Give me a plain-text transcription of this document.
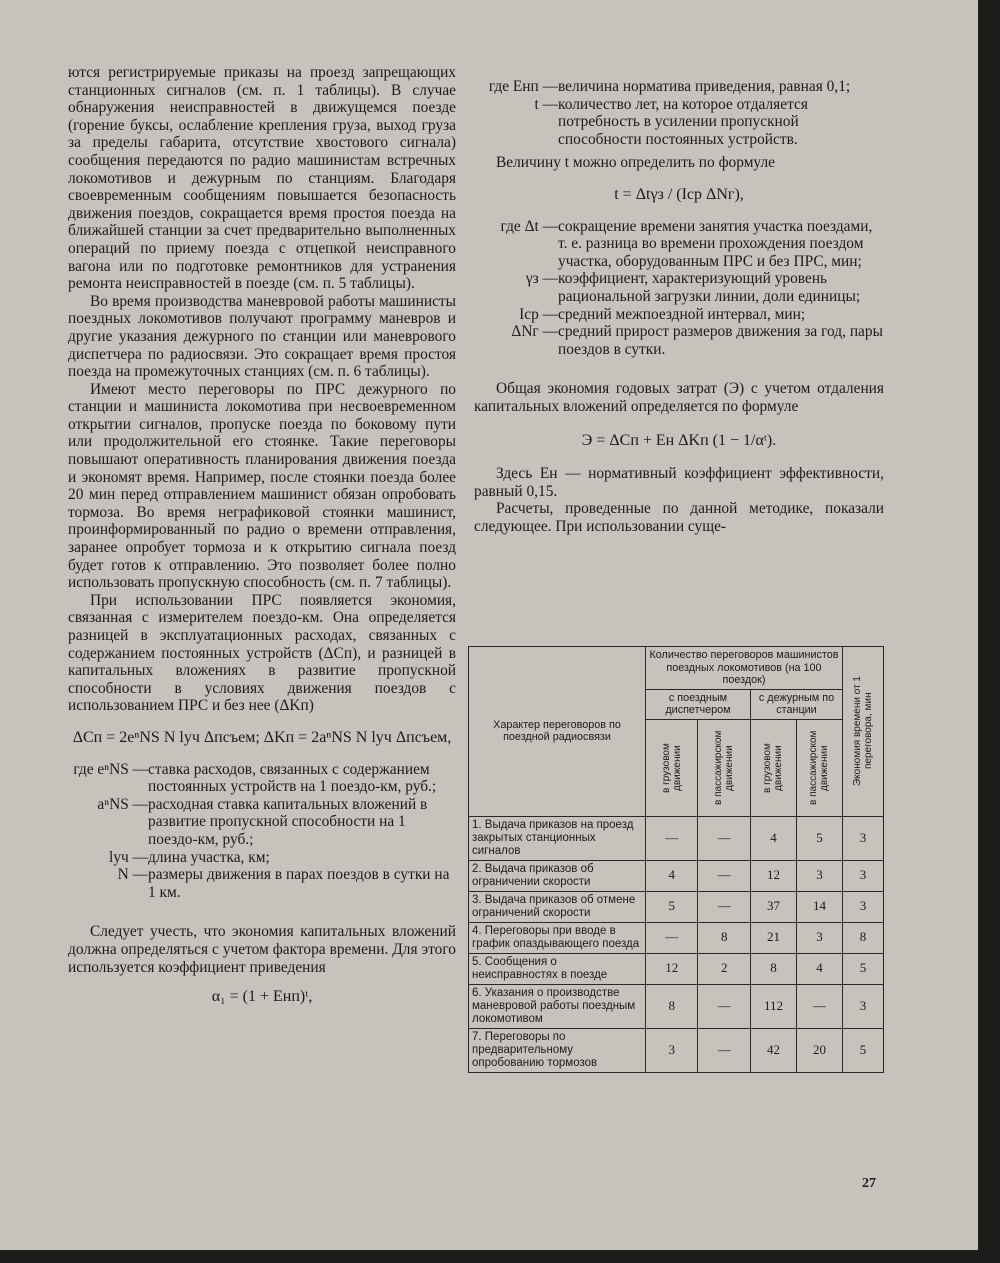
ются регистрируемые приказы на проезд запрещающих станционных сигналов (см. п. 1 таблицы). В случае обнаружения неисправностей в движущемся поезде (горение буксы, ослабление крепления груза, выход груза за пределы габарита, отсутствие хвостового сигнала) сообщения передаются по радио машинистам встречных локомотивов и дежурным по станциям. Благодаря своевременным сообщениям повышается безопасность движения поездов, сокращается время простоя поезда на ближайшей станции за счет предварительно выполненных операций по приему поезда с отцепкой неисправного вагона или по подготовке ремонтников для устранения ремонта неисправностей в поезде (см. п. 5 таблицы).

Во время производства маневровой работы машинисты поездных локомотивов получают программу маневров и другие указания дежурного по станции или маневрового диспетчера по радиосвязи. Это сокращает время простоя поезда на промежуточных станциях (см. п. 6 таблицы).

Имеют место переговоры по ПРС дежурного по станции и машиниста локомотива при несвоевременном открытии сигналов, пропуске поезда по боковому пути или продолжительной его стоянке. Такие переговоры повышают оперативность планирования движения поезда и экономят время. Например, после стоянки поезда более 20 мин перед отправлением машинист обязан опробовать тормоза. Во время неграфиковой стоянки машинист, проинформированный по радио о времени отправления, заранее опробует тормоза и к открытию сигнала поезд будет готов к отправлению. Это позволяет более полно использовать пропускную способность (см. п. 7 таблицы).

При использовании ПРС появляется экономия, связанная с измерителем поездо-км. Она определяется разницей в эксплуатационных расходах, связанных с содержанием постоянных устройств (ΔCп), и разницей в капитальных вложениях в развитие пропускной способности в условиях движения поездов с использованием ПРС и без нее (ΔKп)

ΔCп = 2eⁿNS N lуч Δпсъем; ΔKп = 2aⁿNS N lуч Δпсъем,
где eⁿNS — ставка расходов, связанных с содержанием постоянных устройств на 1 поездо-км, руб.;
aⁿNS — расходная ставка капитальных вложений в развитие пропускной способности на 1 поездо-км, руб.;
lуч — длина участка, км;
N — размеры движения в парах поездов в сутки на 1 км.

Следует учесть, что экономия капитальных вложений должна определяться с учетом фактора времени. Для этого используется коэффициент приведения

α₁ = (1 + Eнп)ᵗ,
где Eнп — величина норматива приведения, равная 0,1;
t — количество лет, на которое отдаляется потребность в усилении пропускной способности постоянных устройств.

Величину t можно определить по формуле

t = Δtγз / (Iср ΔNг),
где Δt — сокращение времени занятия участка поездами, т. е. разница во времени прохождения поездом участка, оборудованным ПРС и без ПРС, мин;
γз — коэффициент, характеризующий уровень рациональной загрузки линии, доли единицы;
Iср — средний межпоездной интервал, мин;
ΔNг — средний прирост размеров движения за год, пары поездов в сутки.

Общая экономия годовых затрат (Э) с учетом отдаления капитальных вложений определяется по формуле

Э = ΔCп + Eн ΔKп (1 − 1/αᵗ).

Здесь Eн — нормативный коэффициент эффективности, равный 0,15.

Расчеты, проведенные по данной методике, показали следующее. При использовании суще-

Характер переговоров по поездной радиосвязи	Количество переговоров машинистов поездных локомотивов (на 100 поездок)				Экономия времени от 1 переговора, мин

	с поездным диспетчером		с дежурным по станции		

	в грузовом движении	в пассажирском движении	в грузовом движении	в пассажирском движении	

1. Выдача приказов на проезд закрытых станционных сигналов	—	—	4	5	3
2. Выдача приказов об ограничении скорости	4	—	12	3	3
3. Выдача приказов об отмене ограничений скорости	5	—	37	14	3
4. Переговоры при вводе в график опаздывающего поезда	—	8	21	3	8
5. Сообщения о неисправностях в поезде	12	2	8	4	5
6. Указания о производстве маневровой работы поездным локомотивом	8	—	112	—	3
7. Переговоры по предварительному опробованию тормозов	3	—	42	20	5
27
